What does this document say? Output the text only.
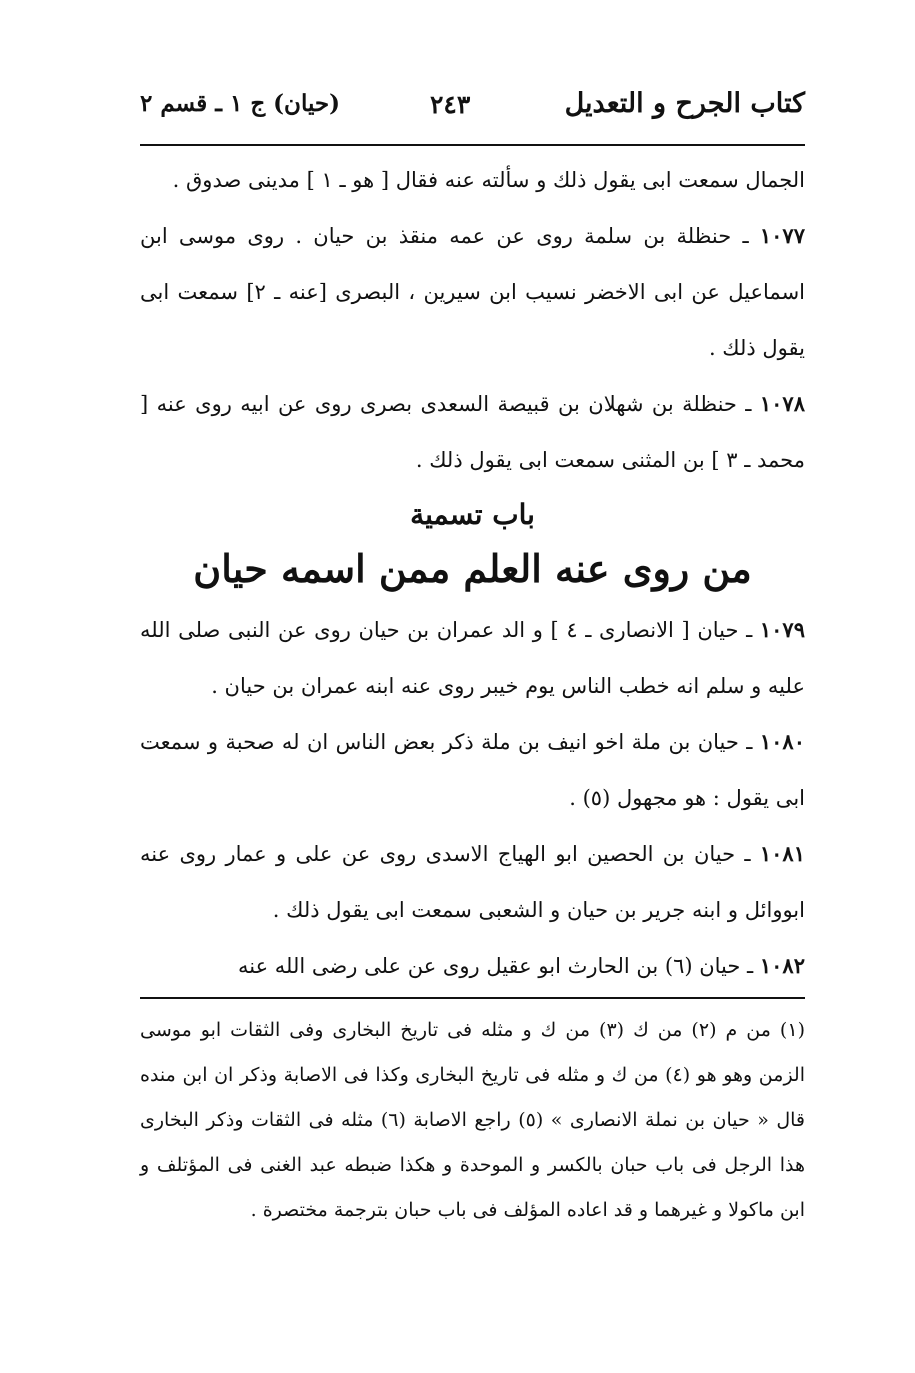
كتاب الجرح و التعديل
٢٤٣
(حيان) ج ١ ـ قسم ٢

الجمال سمعت ابى يقول ذلك و سألته عنه فقال [ هو ـ ١ ] مدينى صدوق .

١٠٧٧ ـ حنظلة بن سلمة روى عن عمه منقذ بن حيان . روى موسى ابن اسماعيل عن ابى الاخضر نسيب ابن سيرين ، البصرى [عنه ـ ٢] سمعت ابى يقول ذلك .

١٠٧٨ ـ حنظلة بن شهلان بن قبيصة السعدى بصرى روى عن ابيه روى عنه [ محمد ـ ٣ ] بن المثنى سمعت ابى يقول ذلك .

باب تسمية
من روى عنه العلم ممن اسمه حيان

١٠٧٩ ـ حيان [ الانصارى ـ ٤ ] و الد عمران بن حيان روى عن النبى صلى الله عليه و سلم انه خطب الناس يوم خيبر روى عنه ابنه عمران بن حيان .

١٠٨٠ ـ حيان بن ملة اخو انيف بن ملة ذكر بعض الناس ان له صحبة و سمعت ابى يقول : هو مجهول (٥) .

١٠٨١ ـ حيان بن الحصين ابو الهياج الاسدى روى عن على و عمار روى عنه ابووائل و ابنه جرير بن حيان و الشعبى سمعت ابى يقول ذلك .

١٠٨٢ ـ حيان (٦) بن الحارث ابو عقيل روى عن على رضى الله عنه

(١) من م (٢) من ك (٣) من ك و مثله فى تاريخ البخارى وفى الثقات ابو موسى الزمن وهو هو (٤) من ك و مثله فى تاريخ البخارى وكذا فى الاصابة وذكر ان ابن منده قال « حيان بن نملة الانصارى » (٥) راجع الاصابة (٦) مثله فى الثقات وذكر البخارى هذا الرجل فى باب حبان بالكسر و الموحدة و هكذا ضبطه عبد الغنى فى المؤتلف و ابن ماكولا و غيرهما و قد اعاده المؤلف فى باب حبان بترجمة مختصرة .
